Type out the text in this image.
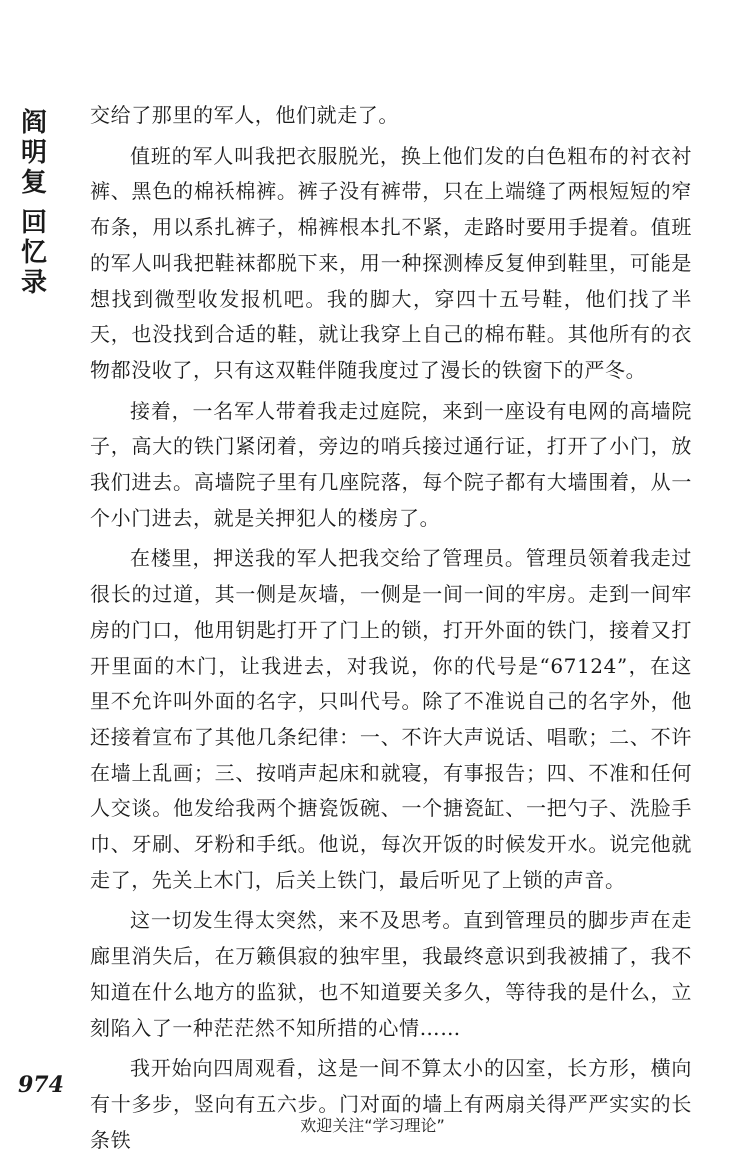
阎
明
复
回
忆
录

交给了那里的军人，他们就走了。

值班的军人叫我把衣服脱光，换上他们发的白色粗布的衬衣衬裤、黑色的棉袄棉裤。裤子没有裤带，只在上端缝了两根短短的窄布条，用以系扎裤子，棉裤根本扎不紧，走路时要用手提着。值班的军人叫我把鞋袜都脱下来，用一种探测棒反复伸到鞋里，可能是想找到微型收发报机吧。我的脚大，穿四十五号鞋，他们找了半天，也没找到合适的鞋，就让我穿上自己的棉布鞋。其他所有的衣物都没收了，只有这双鞋伴随我度过了漫长的铁窗下的严冬。

接着，一名军人带着我走过庭院，来到一座设有电网的高墙院子，高大的铁门紧闭着，旁边的哨兵接过通行证，打开了小门，放我们进去。高墙院子里有几座院落，每个院子都有大墙围着，从一个小门进去，就是关押犯人的楼房了。

在楼里，押送我的军人把我交给了管理员。管理员领着我走过很长的过道，其一侧是灰墙，一侧是一间一间的牢房。走到一间牢房的门口，他用钥匙打开了门上的锁，打开外面的铁门，接着又打开里面的木门，让我进去，对我说，你的代号是“67124”，在这里不允许叫外面的名字，只叫代号。除了不准说自己的名字外，他还接着宣布了其他几条纪律：一、不许大声说话、唱歌；二、不许在墙上乱画；三、按哨声起床和就寝，有事报告；四、不准和任何人交谈。他发给我两个搪瓷饭碗、一个搪瓷缸、一把勺子、洗脸手巾、牙刷、牙粉和手纸。他说，每次开饭的时候发开水。说完他就走了，先关上木门，后关上铁门，最后听见了上锁的声音。

这一切发生得太突然，来不及思考。直到管理员的脚步声在走廊里消失后，在万籁俱寂的独牢里，我最终意识到我被捕了，我不知道在什么地方的监狱，也不知道要关多久，等待我的是什么，立刻陷入了一种茫茫然不知所措的心情……

我开始向四周观看，这是一间不算太小的囚室，长方形，横向有十多步，竖向有五六步。门对面的墙上有两扇关得严严实实的长条铁

974
欢迎关注“学习理论”
